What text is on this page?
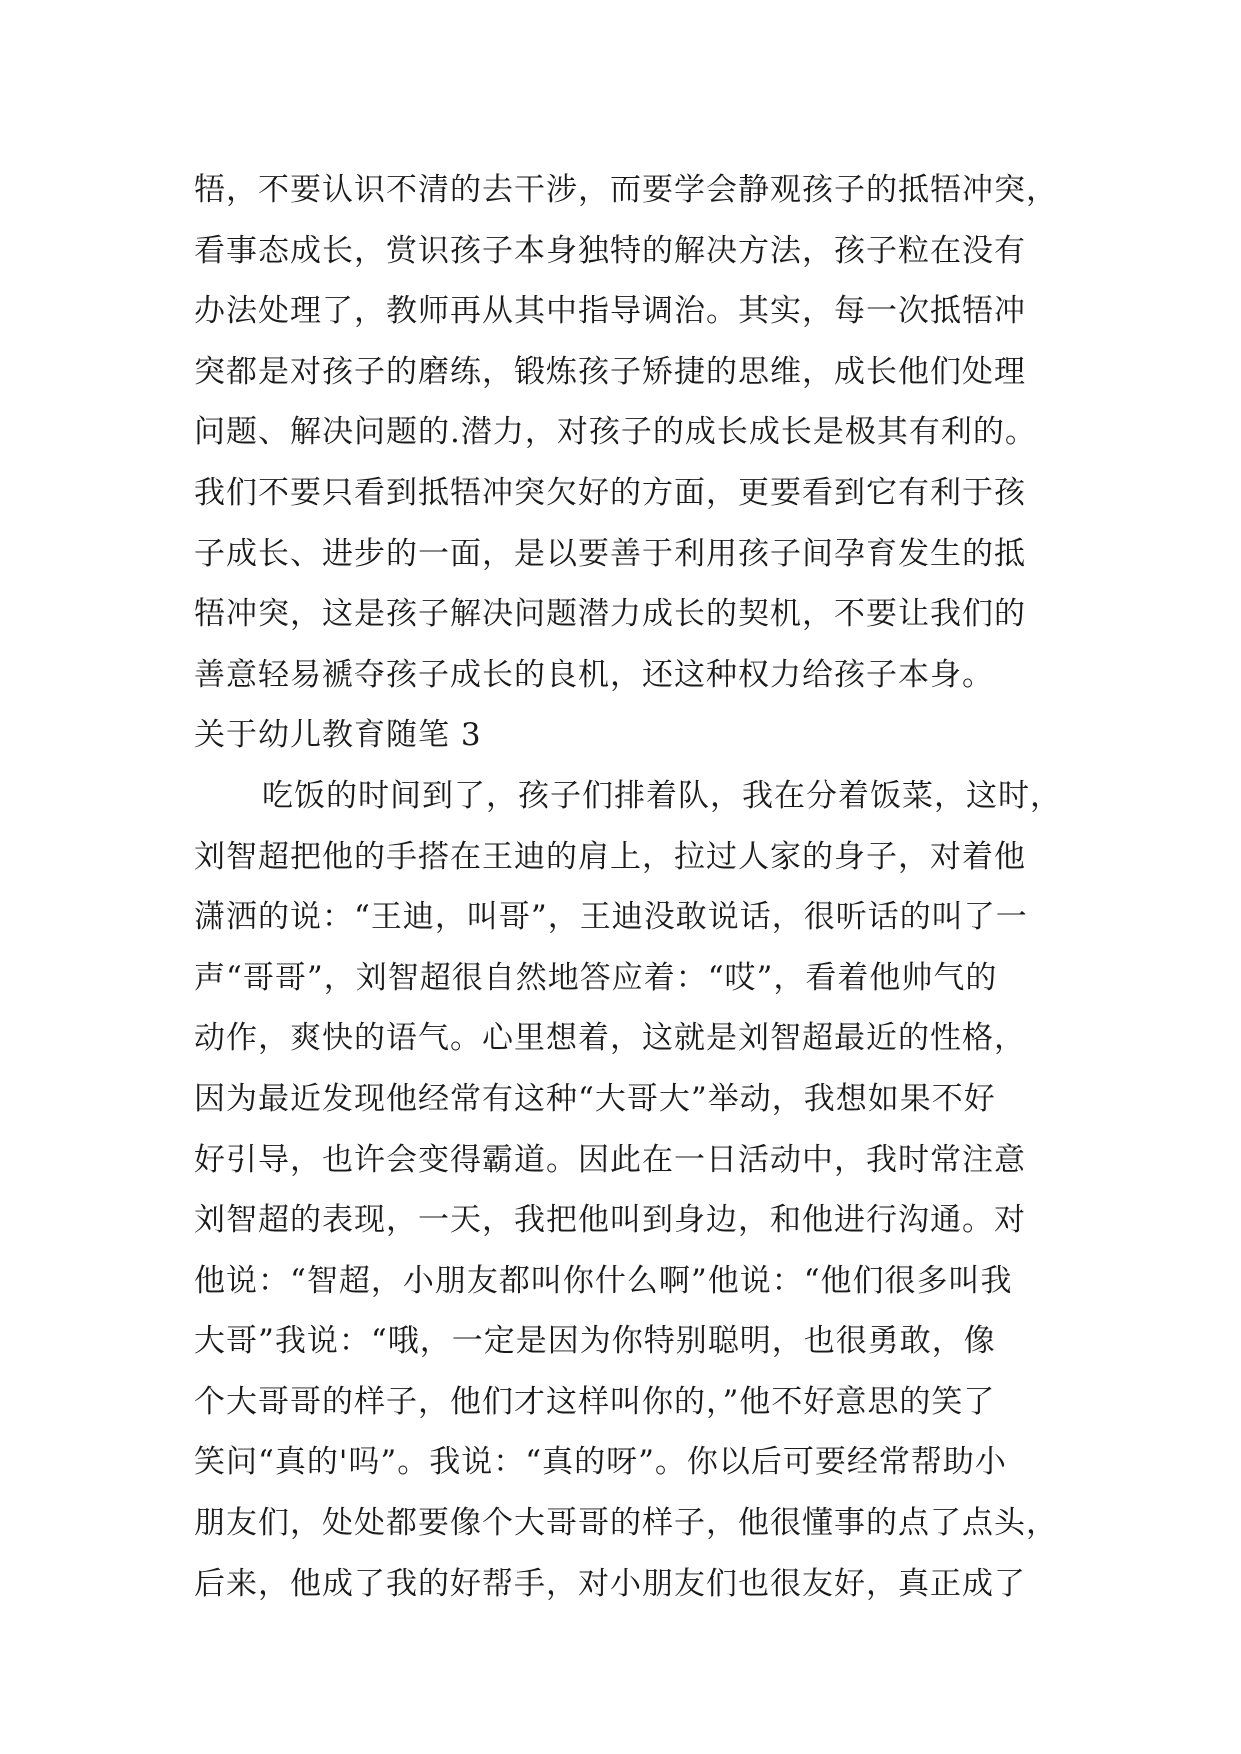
牾，不要认识不清的去干涉，而要学会静观孩子的抵牾冲突，
看事态成长，赏识孩子本身独特的解决方法，孩子粒在没有
办法处理了，教师再从其中指导调治。其实，每一次抵牾冲
突都是对孩子的磨练，锻炼孩子矫捷的思维，成长他们处理
问题、解决问题的.潜力，对孩子的成长成长是极其有利的。
我们不要只看到抵牾冲突欠好的方面，更要看到它有利于孩
子成长、进步的一面，是以要善于利用孩子间孕育发生的抵
牾冲突，这是孩子解决问题潜力成长的契机，不要让我们的
善意轻易褫夺孩子成长的良机，还这种权力给孩子本身。
关于幼儿教育随笔 3
吃饭的时间到了，孩子们排着队，我在分着饭菜，这时，
刘智超把他的手搭在王迪的肩上，拉过人家的身子，对着他
潇洒的说：“王迪，叫哥”，王迪没敢说话，很听话的叫了一
声“哥哥”，刘智超很自然地答应着：“哎”，看着他帅气的
动作，爽快的语气。心里想着，这就是刘智超最近的性格，
因为最近发现他经常有这种“大哥大”举动，我想如果不好
好引导，也许会变得霸道。因此在一日活动中，我时常注意
刘智超的表现，一天，我把他叫到身边，和他进行沟通。对
他说：“智超，小朋友都叫你什么啊”他说：“他们很多叫我
大哥”我说：“哦，一定是因为你特别聪明，也很勇敢，像
个大哥哥的样子，他们才这样叫你的，”他不好意思的笑了
笑问“真的'吗”。我说：“真的呀”。你以后可要经常帮助小
朋友们，处处都要像个大哥哥的样子，他很懂事的点了点头，
后来，他成了我的好帮手，对小朋友们也很友好，真正成了
